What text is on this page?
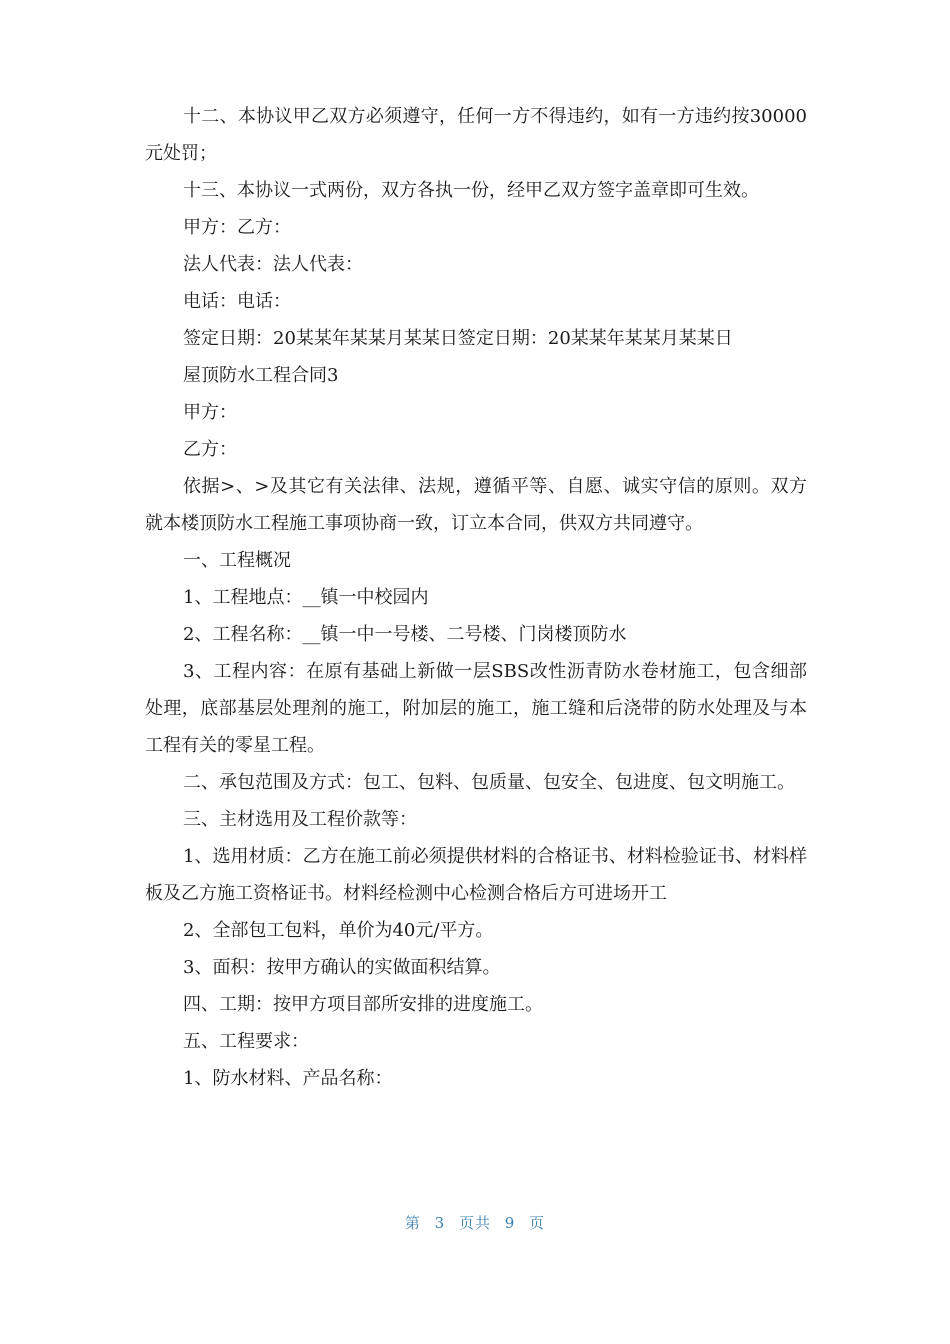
十二、本协议甲乙双方必须遵守，任何一方不得违约，如有一方违约按30000元处罚；

十三、本协议一式两份，双方各执一份，经甲乙双方签字盖章即可生效。

甲方：乙方：

法人代表：法人代表：

电话：电话：

签定日期：20某某年某某月某某日签定日期：20某某年某某月某某日

屋顶防水工程合同3

甲方：

乙方：

依据>、>及其它有关法律、法规，遵循平等、自愿、诚实守信的原则。双方就本楼顶防水工程施工事项协商一致，订立本合同，供双方共同遵守。

一、工程概况

1、工程地点：__镇一中校园内

2、工程名称：__镇一中一号楼、二号楼、门岗楼顶防水

3、工程内容：在原有基础上新做一层SBS改性沥青防水卷材施工，包含细部处理，底部基层处理剂的施工，附加层的施工，施工缝和后浇带的防水处理及与本工程有关的零星工程。

二、承包范围及方式：包工、包料、包质量、包安全、包进度、包文明施工。

三、主材选用及工程价款等：

1、选用材质：乙方在施工前必须提供材料的合格证书、材料检验证书、材料样板及乙方施工资格证书。材料经检测中心检测合格后方可进场开工

2、全部包工包料，单价为40元/平方。

3、面积：按甲方确认的实做面积结算。

四、工期：按甲方项目部所安排的进度施工。

五、工程要求：

1、防水材料、产品名称：

第 3 页共 9 页
